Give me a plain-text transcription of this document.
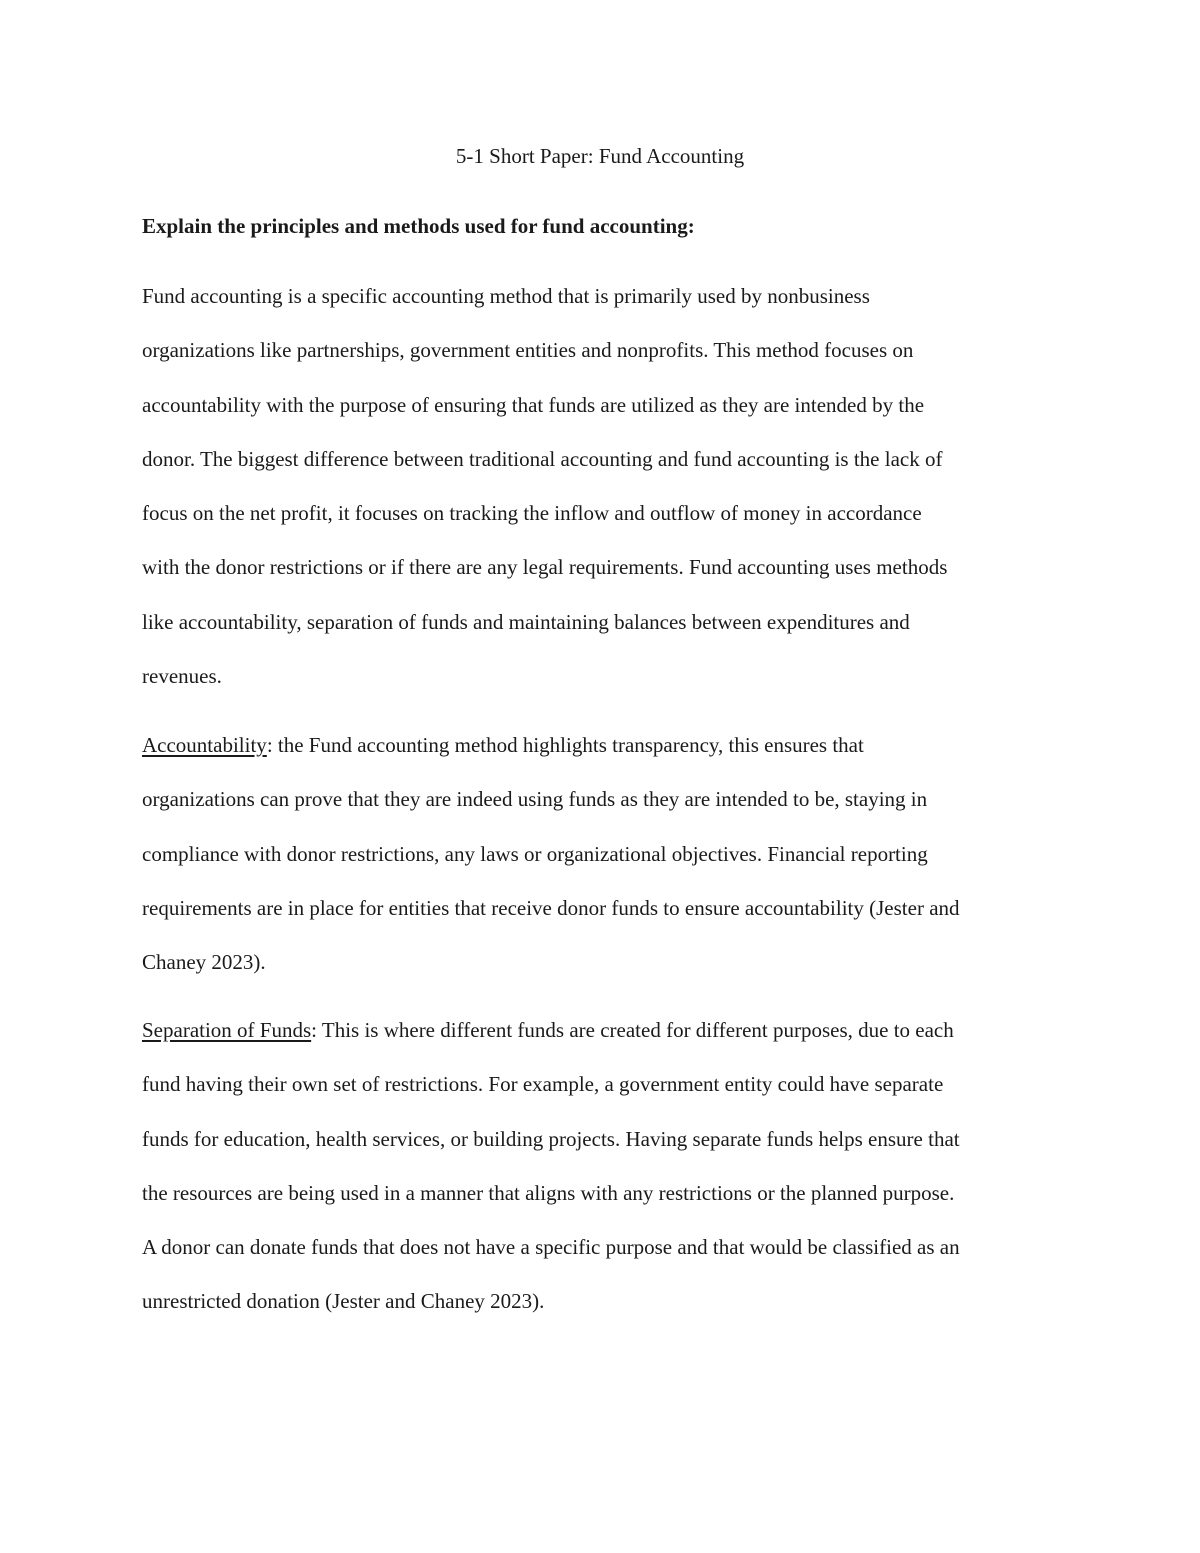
5-1 Short Paper: Fund Accounting
Explain the principles and methods used for fund accounting:
Fund accounting is a specific accounting method that is primarily used by nonbusiness
organizations like partnerships, government entities and nonprofits. This method focuses on
accountability with the purpose of ensuring that funds are utilized as they are intended by the
donor. The biggest difference between traditional accounting and fund accounting is the lack of
focus on the net profit, it focuses on tracking the inflow and outflow of money in accordance
with the donor restrictions or if there are any legal requirements. Fund accounting uses methods
like accountability, separation of funds and maintaining balances between expenditures and
revenues.
Accountability: the Fund accounting method highlights transparency, this ensures that
organizations can prove that they are indeed using funds as they are intended to be, staying in
compliance with donor restrictions, any laws or organizational objectives. Financial reporting
requirements are in place for entities that receive donor funds to ensure accountability (Jester and
Chaney 2023).
Separation of Funds: This is where different funds are created for different purposes, due to each
fund having their own set of restrictions. For example, a government entity could have separate
funds for education, health services, or building projects. Having separate funds helps ensure that
the resources are being used in a manner that aligns with any restrictions or the planned purpose.
A donor can donate funds that does not have a specific purpose and that would be classified as an
unrestricted donation (Jester and Chaney 2023).
